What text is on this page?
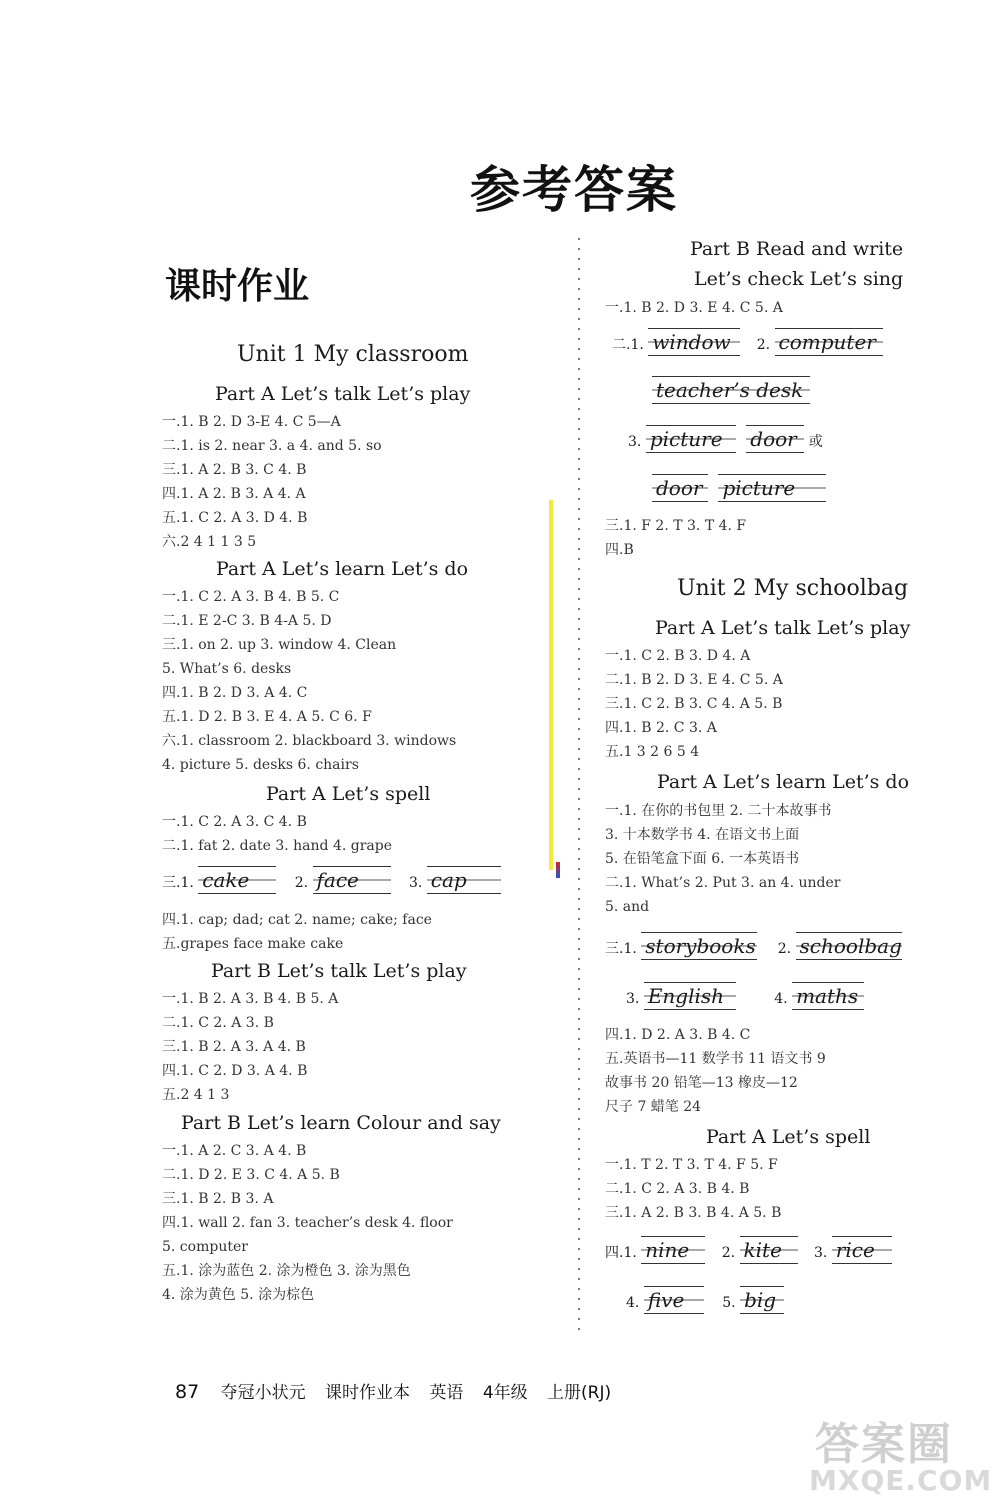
参考答案
课时作业
Unit 1 My classroom
Part A Let’s talk Let’s play
一.1. B 2. D 3-E 4. C 5—A
二.1. is 2. near 3. a 4. and 5. so
三.1. A 2. B 3. C 4. B
四.1. A 2. B 3. A 4. A
五.1. C 2. A 3. D 4. B
六.2 4 1 1 3 5
Part A Let’s learn Let’s do
一.1. C 2. A 3. B 4. B 5. C
二.1. E 2-C 3. B 4-A 5. D
三.1. on 2. up 3. window 4. Clean
5. What’s 6. desks
四.1. B 2. D 3. A 4. C
五.1. D 2. B 3. E 4. A 5. C 6. F
六.1. classroom 2. blackboard 3. windows
4. picture 5. desks 6. chairs
Part A Let’s spell
一.1. C 2. A 3. C 4. B
二.1. fat 2. date 3. hand 4. grape
三.1. cake	2. face	3. cap
四.1. cap; dad; cat 2. name; cake; face
五.grapes face make cake
Part B Let’s talk Let’s play
一.1. B 2. A 3. B 4. B 5. A
二.1. C 2. A 3. B
三.1. B 2. A 3. A 4. B
四.1. C 2. D 3. A 4. B
五.2 4 1 3
Part B Let’s learn Colour and say
一.1. A 2. C 3. A 4. B
二.1. D 2. E 3. C 4. A 5. B
三.1. B 2. B 3. A
四.1. wall 2. fan 3. teacher’s desk 4. floor
5. computer
五.1. 涂为蓝色 2. 涂为橙色 3. 涂为黑色
4. 涂为黄色 5. 涂为棕色
Part B Read and write
Let’s check Let’s sing
一.1. B 2. D 3. E 4. C 5. A
二.1. window 2. computer
teacher’s desk
3. picture door 或
door picture
三.1. F 2. T 3. T 4. F
四.B
Unit 2 My schoolbag
Part A Let’s talk Let’s play
一.1. C 2. B 3. D 4. A
二.1. B 2. D 3. E 4. C 5. A
三.1. C 2. B 3. C 4. A 5. B
四.1. B 2. C 3. A
五.1 3 2 6 5 4
Part A Let’s learn Let’s do
一.1. 在你的书包里 2. 二十本故事书
3. 十本数学书 4. 在语文书上面
5. 在铅笔盒下面 6. 一本英语书
二.1. What’s 2. Put 3. an 4. under
5. and
三.1. storybooks 2. schoolbag
3. English	4. maths
四.1. D 2. A 3. B 4. C
五.英语书—11 数学书 11 语文书 9
故事书 20 铅笔—13 橡皮—12
尺子 7 蜡笔 24
Part A Let’s spell
一.1. T 2. T 3. T 4. F 5. F
二.1. C 2. A 3. B 4. B
三.1. A 2. B 3. B 4. A 5. B
四.1. nine 2. kite 3. rice
4. five	5. big
87 夺冠小状元 课时作业本 英语 4年级 上册(RJ)
答案圈
MXQE.COM
